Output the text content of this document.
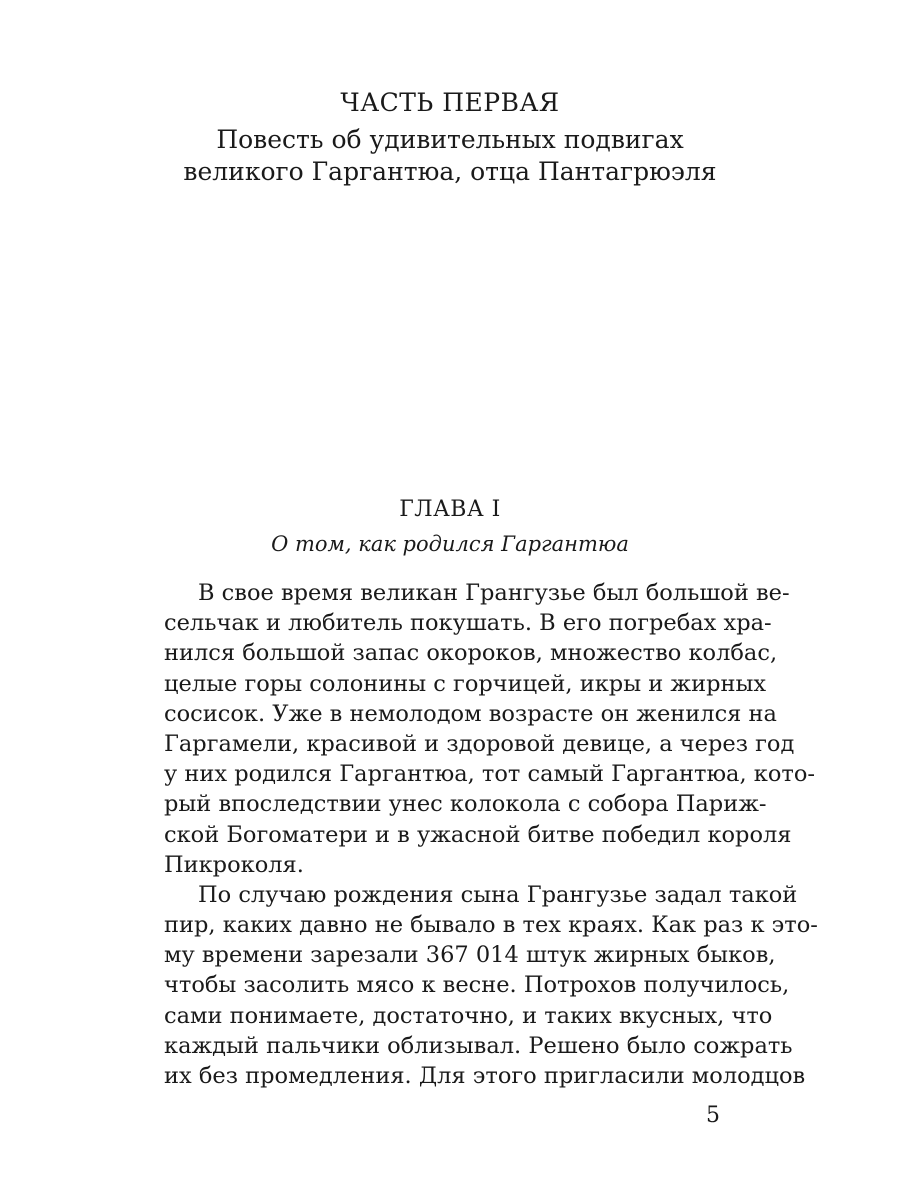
ЧАСТЬ ПЕРВАЯ

Повесть об удивительных подвигах
великого Гаргантюа, отца Пантагрюэля

ГЛАВА I

О том, как родился Гаргантюа

В свое время великан Грангузье был большой ве-
сельчак и любитель покушать. В его погребах хра-
нился большой запас окороков, множество колбас,
целые горы солонины с горчицей, икры и жирных
сосисок. Уже в немолодом возрасте он женился на
Гаргамели, красивой и здоровой девице, а через год
у них родился Гаргантюа, тот самый Гаргантюа, кото-
рый впоследствии унес колокола с собора Париж-
ской Богоматери и в ужасной битве победил короля
Пикроколя.
По случаю рождения сына Грангузье задал такой
пир, каких давно не бывало в тех краях. Как раз к это-
му времени зарезали 367 014 штук жирных быков,
чтобы засолить мясо к весне. Потрохов получилось,
сами понимаете, достаточно, и таких вкусных, что
каждый пальчики облизывал. Решено было сожрать
их без промедления. Для этого пригласили молодцов
5
